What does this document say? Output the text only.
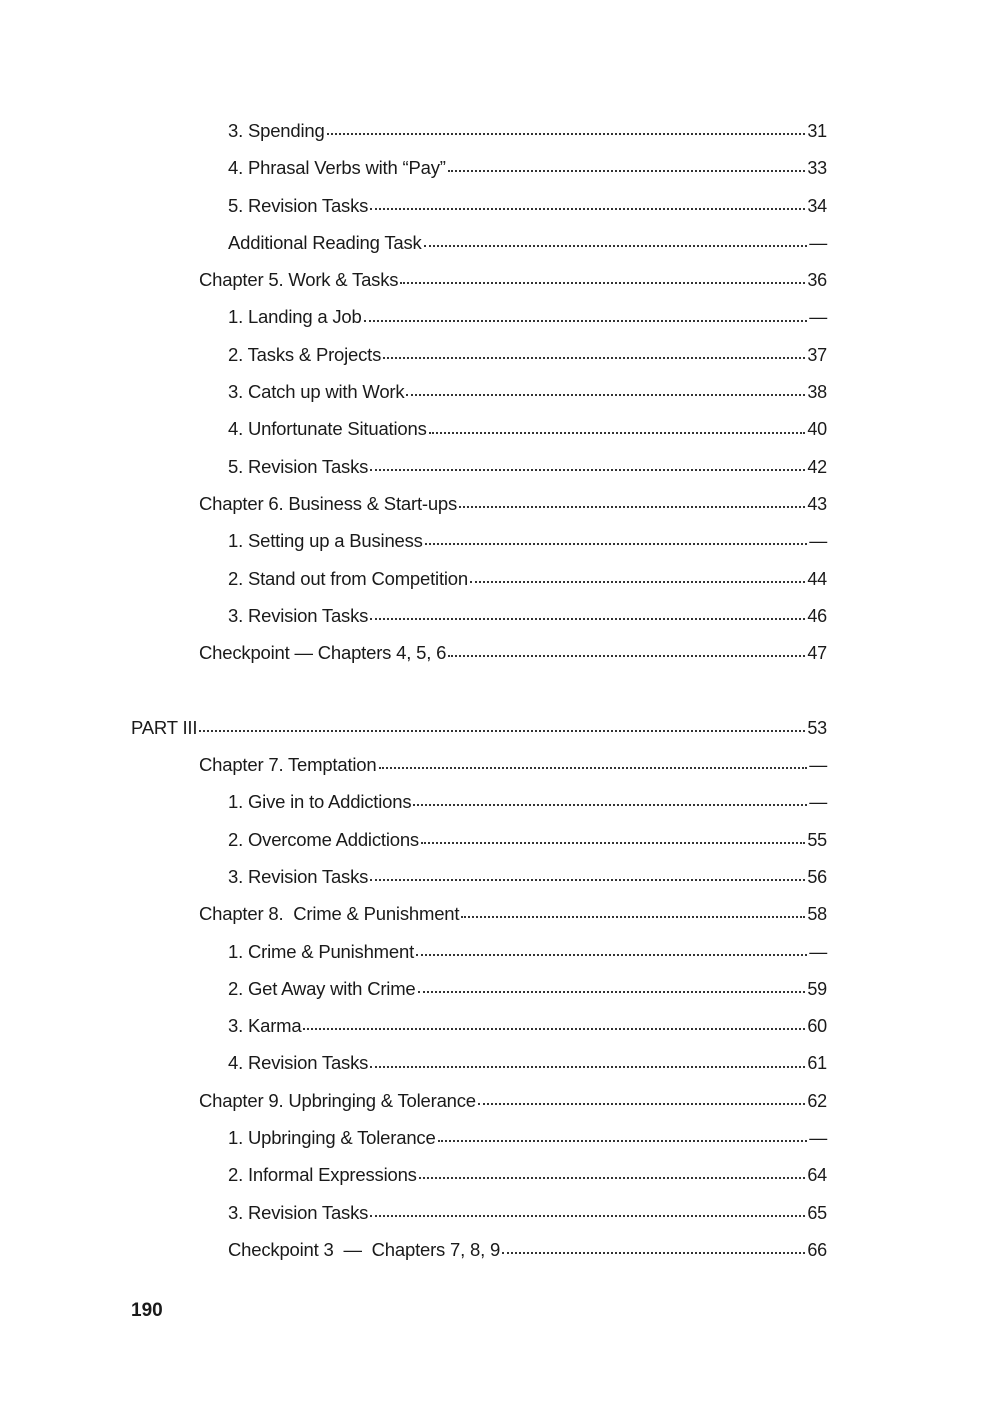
3. Spending	31
4. Phrasal Verbs with “Pay”	33
5. Revision Tasks	34
Additional Reading Task	—
Chapter 5. Work & Tasks	36
1. Landing a Job	—
2. Tasks & Projects	37
3. Catch up with Work	38
4. Unfortunate Situations	40
5. Revision Tasks	42
Chapter 6. Business & Start-ups	43
1. Setting up a Business	—
2. Stand out from Competition	44
3. Revision Tasks	46
Checkpoint — Chapters 4, 5, 6	47
PART III	53
Chapter 7. Temptation	—
1. Give in to Addictions	—
2. Overcome Addictions	55
3. Revision Tasks	56
Chapter 8.  Crime & Punishment	58
1. Crime & Punishment	—
2. Get Away with Crime	59
3. Karma	60
4. Revision Tasks	61
Chapter 9. Upbringing & Tolerance	62
1. Upbringing & Tolerance	—
2. Informal Expressions	64
3. Revision Tasks	65
Checkpoint 3  —  Chapters 7, 8, 9	66
190
